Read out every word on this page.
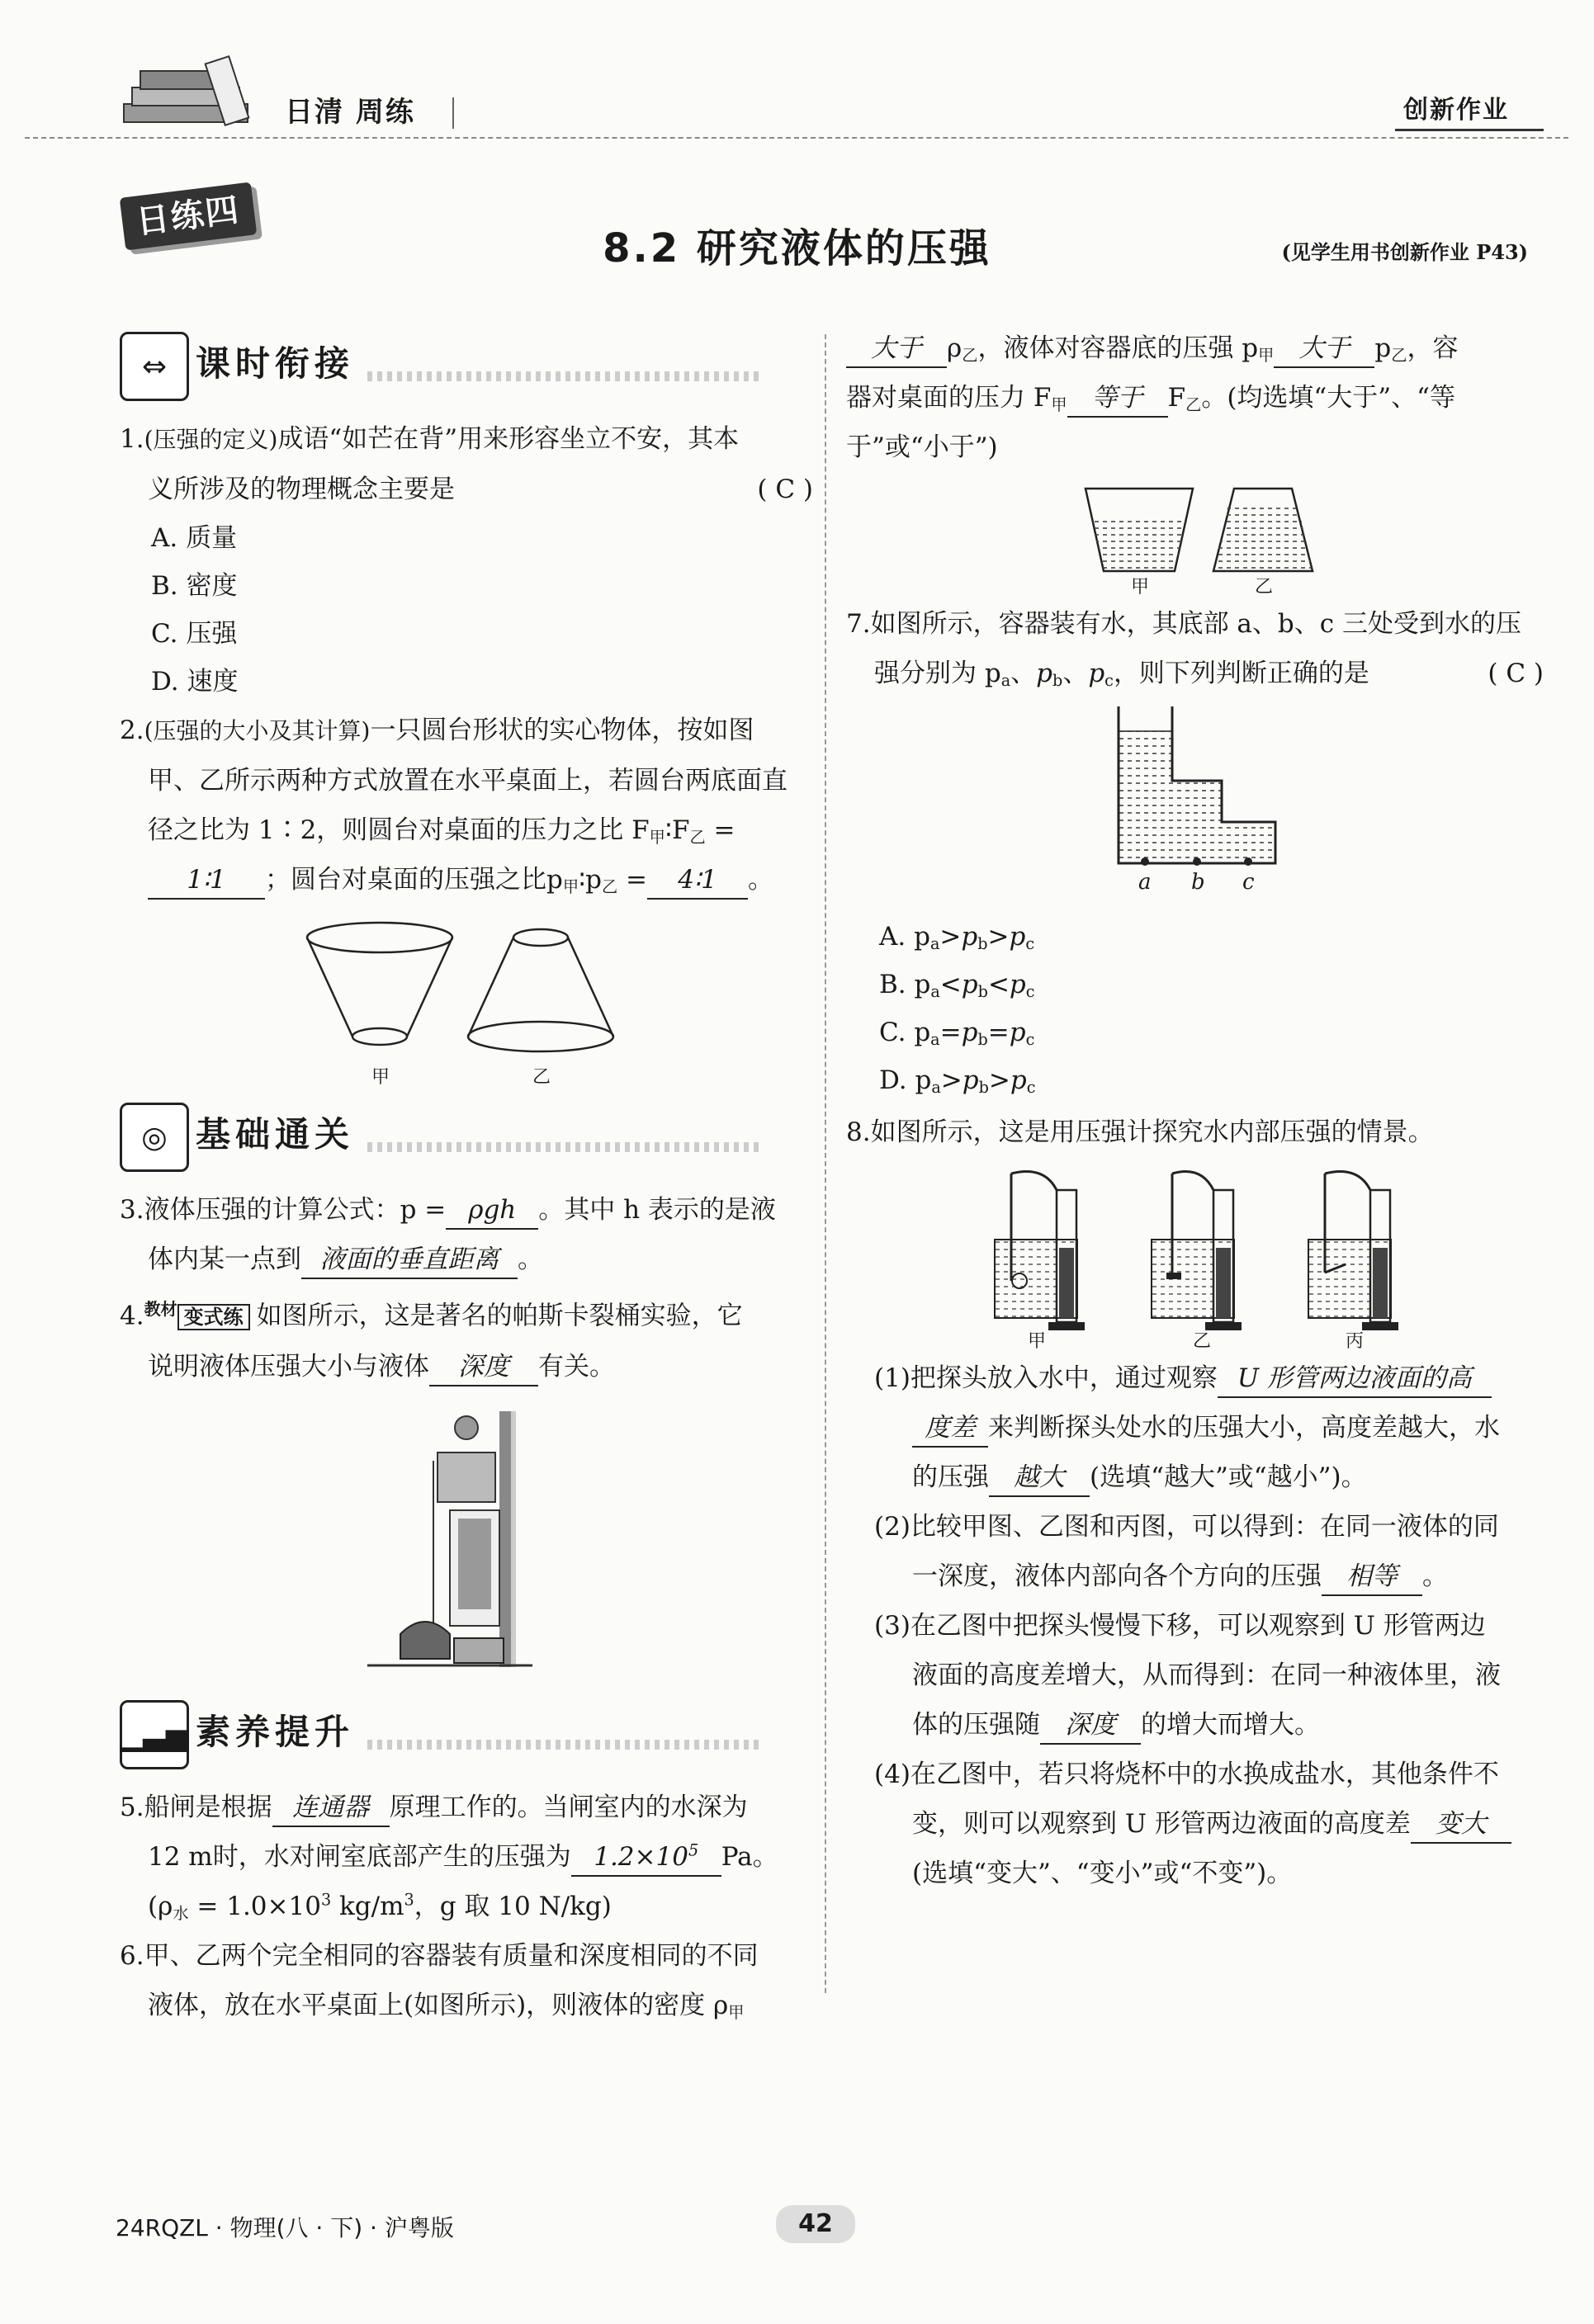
日清 周练	创新作业
日练四
8.2 研究液体的压强	(见学生用书创新作业 P43)
⇔ 课时衔接

1.(压强的定义)成语“如芒在背”用来形容坐立不安，其本

义所涉及的物理概念主要是	( C )

A. 质量
B. 密度
C. 压强
D. 速度

2.(压强的大小及其计算)一只圆台形状的实心物体，按如图

甲、乙所示两种方式放置在水平桌面上，若圆台两底面直

径之比为 1∶2，则圆台对桌面的压力之比 $F_甲∶F_乙$ =

1∶1 ；圆台对桌面的压强之比$p_甲∶p_乙$ = 4∶1 。

甲	乙
◎ 基础通关

3.液体压强的计算公式：p = ρgh 。其中 h 表示的是液

体内某一点到 液面的垂直距离 。

4.$^{教材}$ 变式练 如图所示，这是著名的帕斯卡裂桶实验，它

说明液体压强大小与液体 深度 有关。

▁▃▅ 素养提升

5.船闸是根据 连通器 原理工作的。当闸室内的水深为

12 m时，水对闸室底部产生的压强为 $1.2\times 10^5$ Pa。

($\rho_水 = 1.0\times 10^3$ $kg/m^3$，g 取 10 N/kg)

6.甲、乙两个完全相同的容器装有质量和深度相同的不同

液体，放在水平桌面上(如图所示)，则液体的密度 $\rho_甲$

大于 $\rho_乙$，液体对容器底的压强 $p_甲$ 大于 $p_乙$，容

器对桌面的压力 $F_甲$ 等于 $F_乙$。(均选填“大于”、“等

于”或“小于”)

甲	乙

7.如图所示，容器装有水，其底部 a、b、c 三处受到水的压

强分别为 $p_a$、$p_b$、$p_c$，则下列判断正确的是	( C )

a b c
A. $p_a>p_b>p_c$
B. $p_a<p_b<p_c$
C. $p_a=p_b=p_c$
D. $p_a>p_b>p_c$

8.如图所示，这是用压强计探究水内部压强的情景。

甲	乙	丙

(1)把探头放入水中，通过观察 U 形管两边液面的高

度差 来判断探头处水的压强大小，高度差越大，水

的压强 越大 (选填“越大”或“越小”)。

(2)比较甲图、乙图和丙图，可以得到：在同一液体的同

一深度，液体内部向各个方向的压强 相等 。

(3)在乙图中把探头慢慢下移，可以观察到 U 形管两边

液面的高度差增大，从而得到：在同一种液体里，液

体的压强随 深度 的增大而增大。

(4)在乙图中，若只将烧杯中的水换成盐水，其他条件不

变，则可以观察到 U 形管两边液面的高度差 变大

(选填“变大”、“变小”或“不变”)。

24RQZL · 物理(八 · 下) · 沪粤版	42
